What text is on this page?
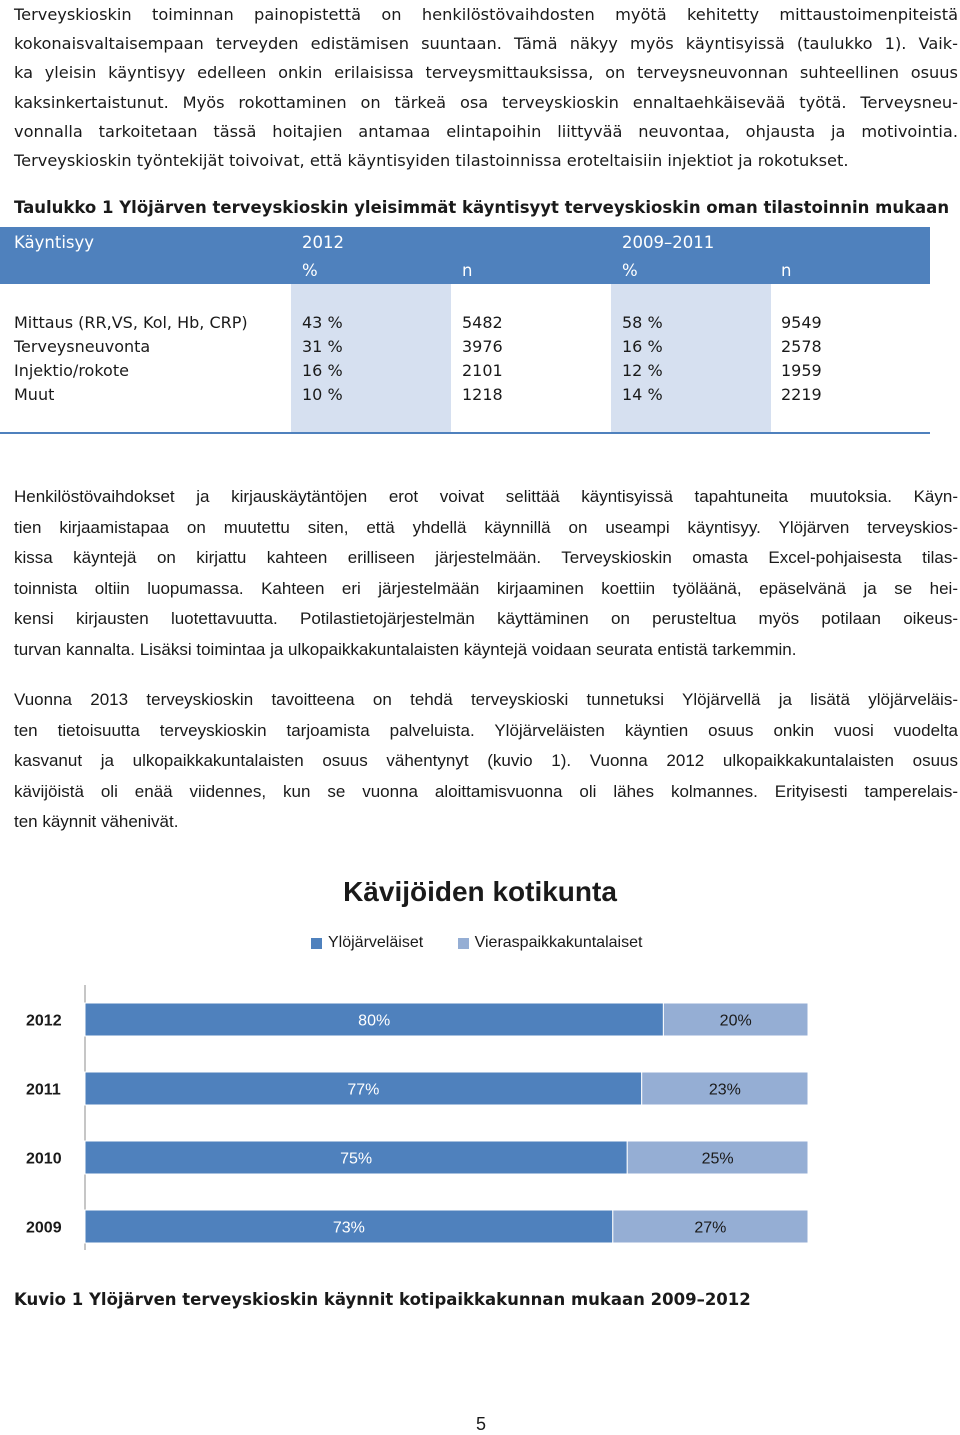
Terveyskioskin toiminnan painopistettä on henkilöstövaihdosten myötä kehitetty mittaustoimenpiteistä
kokonaisvaltaisempaan terveyden edistämisen suuntaan. Tämä näkyy myös käyntisyissä (taulukko 1). Vaik-
ka yleisin käyntisyy edelleen onkin erilaisissa terveysmittauksissa, on terveysneuvonnan suhteellinen osuus
kaksinkertaistunut. Myös rokottaminen on tärkeä osa terveyskioskin ennaltaehkäisevää työtä. Terveysneu-
vonnalla tarkoitetaan tässä hoitajien antamaa elintapoihin liittyvää neuvontaa, ohjausta ja motivointia.
Terveyskioskin työntekijät toivoivat, että käyntisyiden tilastoinnissa eroteltaisiin injektiot ja rokotukset.
Taulukko 1 Ylöjärven terveyskioskin yleisimmät käyntisyyt terveyskioskin oman tilastoinnin mukaan
Käyntisyy	2012	2009–2011
%	n	%	n
Mittaus (RR,VS, Kol, Hb, CRP)	43 %	5482	58 %	9549
Terveysneuvonta	31 %	3976	16 %	2578
Injektio/rokote	16 %	2101	12 %	1959
Muut	10 %	1218	14 %	2219
Henkilöstövaihdokset ja kirjauskäytäntöjen erot voivat selittää käyntisyissä tapahtuneita muutoksia. Käyn-
tien kirjaamistapaa on muutettu siten, että yhdellä käynnillä on useampi käyntisyy. Ylöjärven terveyskios-
kissa käyntejä on kirjattu kahteen erilliseen järjestelmään. Terveyskioskin omasta Excel-pohjaisesta tilas-
toinnista oltiin luopumassa. Kahteen eri järjestelmään kirjaaminen koettiin työläänä, epäselvänä ja se hei-
kensi kirjausten luotettavuutta. Potilastietojärjestelmän käyttäminen on perusteltua myös potilaan oikeus-
turvan kannalta. Lisäksi toimintaa ja ulkopaikkakuntalaisten käyntejä voidaan seurata entistä tarkemmin.
Vuonna 2013 terveyskioskin tavoitteena on tehdä terveyskioski tunnetuksi Ylöjärvellä ja lisätä ylöjärveläis-
ten tietoisuutta terveyskioskin tarjoamista palveluista. Ylöjärveläisten käyntien osuus onkin vuosi vuodelta
kasvanut ja ulkopaikkakuntalaisten osuus vähentynyt (kuvio 1). Vuonna 2012 ulkopaikkakuntalaisten osuus
kävijöistä oli enää viidennes, kun se vuonna aloittamisvuonna oli lähes kolmannes. Erityisesti tamperelais-
ten käynnit vähenivät.
Kävijöiden kotikunta
Ylöjärveläiset
	Vieraspaikkakuntalaiset
2012	80%	20%
2011	77%	23%
2010	75%	25%
2009	73%	27%
Kuvio 1 Ylöjärven terveyskioskin käynnit kotipaikkakunnan mukaan 2009–2012
5
